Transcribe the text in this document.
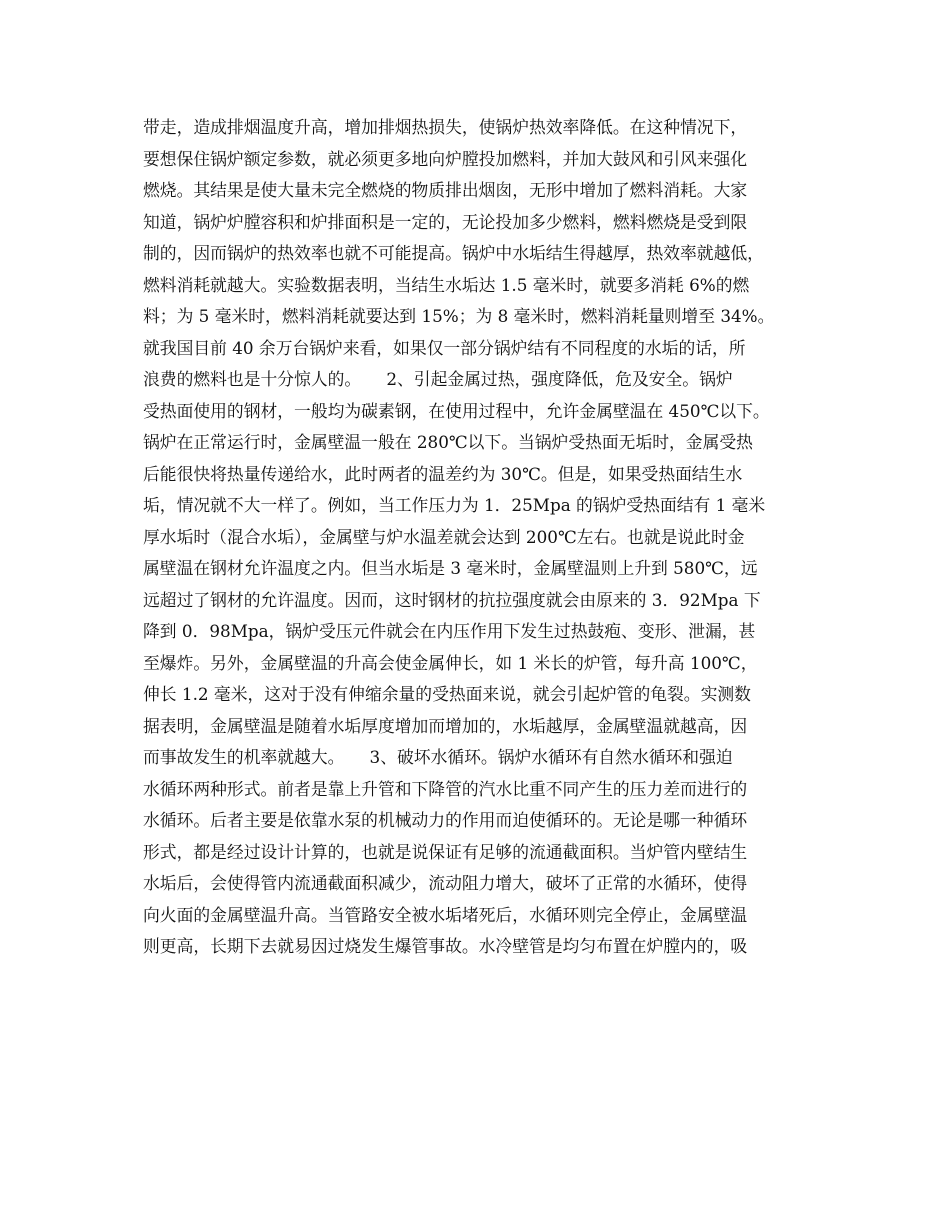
带走，造成排烟温度升高，增加排烟热损失，使锅炉热效率降低。在这种情况下，
要想保住锅炉额定参数，就必须更多地向炉膛投加燃料，并加大鼓风和引风来强化
燃烧。其结果是使大量未完全燃烧的物质排出烟囱，无形中增加了燃料消耗。大家
知道，锅炉炉膛容积和炉排面积是一定的，无论投加多少燃料，燃料燃烧是受到限
制的，因而锅炉的热效率也就不可能提高。锅炉中水垢结生得越厚，热效率就越低，
燃料消耗就越大。实验数据表明，当结生水垢达 1.5 毫米时，就要多消耗 6%的燃
料；为 5 毫米时，燃料消耗就要达到 15%；为 8 毫米时，燃料消耗量则增至 34%。
就我国目前 40 余万台锅炉来看，如果仅一部分锅炉结有不同程度的水垢的话，所
浪费的燃料也是十分惊人的。　　2、引起金属过热，强度降低，危及安全。锅炉
受热面使用的钢材，一般均为碳素钢，在使用过程中，允许金属壁温在 450℃以下。
锅炉在正常运行时，金属壁温一般在 280℃以下。当锅炉受热面无垢时，金属受热
后能很快将热量传递给水，此时两者的温差约为 30℃。但是，如果受热面结生水
垢，情况就不大一样了。例如，当工作压力为 1．25Mpa 的锅炉受热面结有 1 毫米
厚水垢时（混合水垢），金属壁与炉水温差就会达到 200℃左右。也就是说此时金
属壁温在钢材允许温度之内。但当水垢是 3 毫米时，金属壁温则上升到 580℃，远
远超过了钢材的允许温度。因而，这时钢材的抗拉强度就会由原来的 3．92Mpa 下
降到 0．98Mpa，锅炉受压元件就会在内压作用下发生过热鼓疱、变形、泄漏，甚
至爆炸。另外，金属壁温的升高会使金属伸长，如 1 米长的炉管，每升高 100℃，
伸长 1.2 毫米，这对于没有伸缩余量的受热面来说，就会引起炉管的龟裂。实测数
据表明，金属壁温是随着水垢厚度增加而增加的，水垢越厚，金属壁温就越高，因
而事故发生的机率就越大。　　3、破坏水循环。锅炉水循环有自然水循环和强迫
水循环两种形式。前者是靠上升管和下降管的汽水比重不同产生的压力差而进行的
水循环。后者主要是依靠水泵的机械动力的作用而迫使循环的。无论是哪一种循环
形式，都是经过设计计算的，也就是说保证有足够的流通截面积。当炉管内壁结生
水垢后，会使得管内流通截面积减少，流动阻力增大，破坏了正常的水循环，使得
向火面的金属壁温升高。当管路安全被水垢堵死后，水循环则完全停止，金属壁温
则更高，长期下去就易因过烧发生爆管事故。水冷壁管是均匀布置在炉膛内的，吸
